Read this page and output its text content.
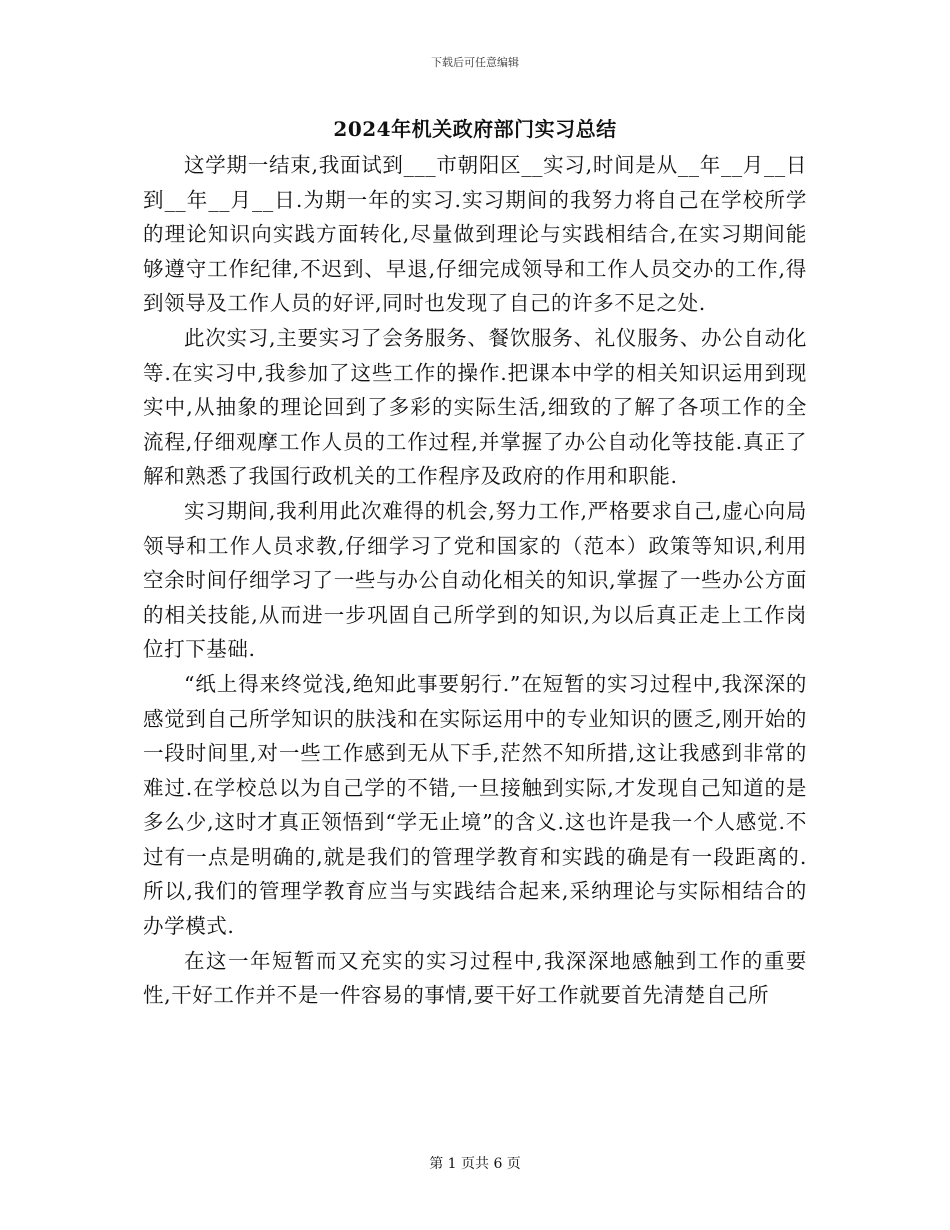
下载后可任意编辑
2024年机关政府部门实习总结

这学期一结束,我面试到___市朝阳区__实习,时间是从__年__月__日到__年__月__日.为期一年的实习.实习期间的我努力将自己在学校所学的理论知识向实践方面转化,尽量做到理论与实践相结合,在实习期间能够遵守工作纪律,不迟到、早退,仔细完成领导和工作人员交办的工作,得到领导及工作人员的好评,同时也发现了自己的许多不足之处.

此次实习,主要实习了会务服务、餐饮服务、礼仪服务、办公自动化等.在实习中,我参加了这些工作的操作.把课本中学的相关知识运用到现实中,从抽象的理论回到了多彩的实际生活,细致的了解了各项工作的全流程,仔细观摩工作人员的工作过程,并掌握了办公自动化等技能.真正了解和熟悉了我国行政机关的工作程序及政府的作用和职能.

实习期间,我利用此次难得的机会,努力工作,严格要求自己,虚心向局领导和工作人员求教,仔细学习了党和国家的（范本）政策等知识,利用空余时间仔细学习了一些与办公自动化相关的知识,掌握了一些办公方面的相关技能,从而进一步巩固自己所学到的知识,为以后真正走上工作岗位打下基础.

“纸上得来终觉浅,绝知此事要躬行.”在短暂的实习过程中,我深深的感觉到自己所学知识的肤浅和在实际运用中的专业知识的匮乏,刚开始的一段时间里,对一些工作感到无从下手,茫然不知所措,这让我感到非常的难过.在学校总以为自己学的不错,一旦接触到实际,才发现自己知道的是多么少,这时才真正领悟到“学无止境”的含义.这也许是我一个人感觉.不过有一点是明确的,就是我们的管理学教育和实践的确是有一段距离的.所以,我们的管理学教育应当与实践结合起来,采纳理论与实际相结合的办学模式.

在这一年短暂而又充实的实习过程中,我深深地感触到工作的重要性,干好工作并不是一件容易的事情,要干好工作就要首先清楚自己所

第 1 页共 6 页
